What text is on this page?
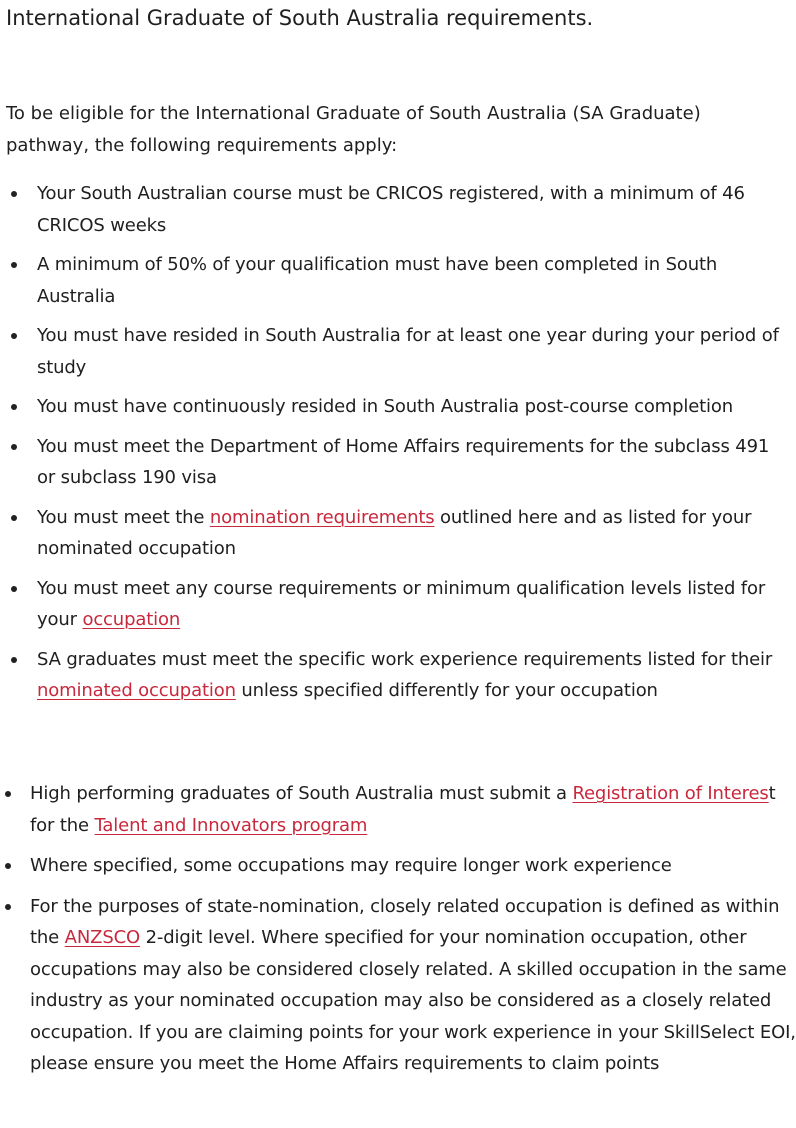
International Graduate of South Australia requirements.

To be eligible for the International Graduate of South Australia (SA Graduate) pathway, the following requirements apply:

Your South Australian course must be CRICOS registered, with a minimum of 46 CRICOS weeks
A minimum of 50% of your qualification must have been completed in South Australia
You must have resided in South Australia for at least one year during your period of study
You must have continuously resided in South Australia post-course completion
You must meet the Department of Home Affairs requirements for the subclass 491 or subclass 190 visa
You must meet the nomination requirements outlined here and as listed for your nominated occupation
You must meet any course requirements or minimum qualification levels listed for your occupation
SA graduates must meet the specific work experience requirements listed for their nominated occupation unless specified differently for your occupation
High performing graduates of South Australia must submit a Registration of Interest for the Talent and Innovators program
Where specified, some occupations may require longer work experience
For the purposes of state-nomination, closely related occupation is defined as within the ANZSCO 2-digit level. Where specified for your nomination occupation, other occupations may also be considered closely related. A skilled occupation in the same industry as your nominated occupation may also be considered as a closely related occupation. If you are claiming points for your work experience in your SkillSelect EOI, please ensure you meet the Home Affairs requirements to claim points
